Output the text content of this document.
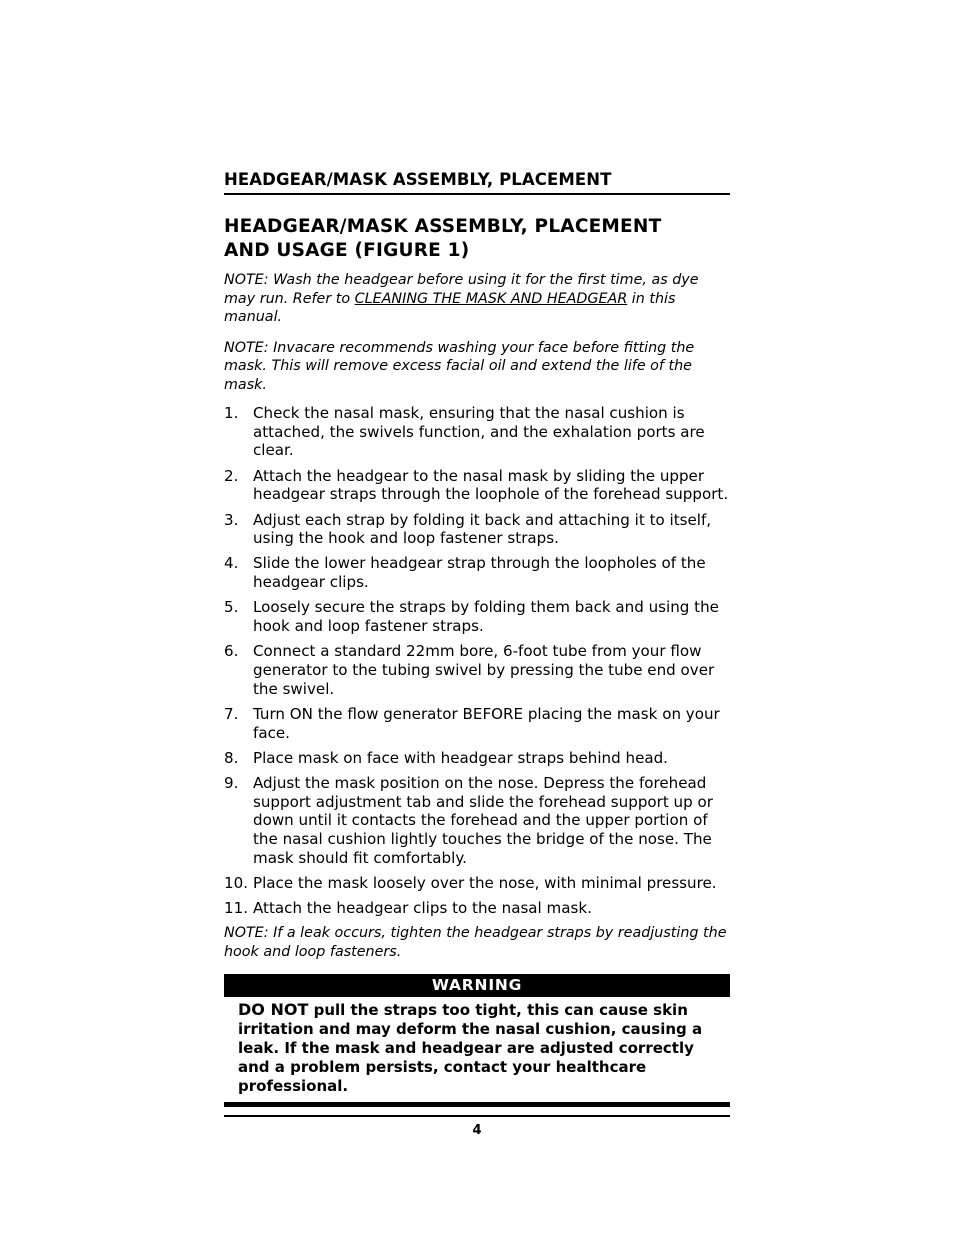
HEADGEAR/MASK ASSEMBLY, PLACEMENT
HEADGEAR/MASK ASSEMBLY, PLACEMENT
AND USAGE (FIGURE 1)

NOTE: Wash the headgear before using it for the first time, as dye may run. Refer to CLEANING THE MASK AND HEADGEAR in this manual.

NOTE: Invacare recommends washing your face before fitting the mask. This will remove excess facial oil and extend the life of the mask.

1. Check the nasal mask, ensuring that the nasal cushion is attached, the swivels function, and the exhalation ports are clear.
2. Attach the headgear to the nasal mask by sliding the upper headgear straps through the loophole of the forehead support.
3. Adjust each strap by folding it back and attaching it to itself, using the hook and loop fastener straps.
4. Slide the lower headgear strap through the loopholes of the headgear clips.
5. Loosely secure the straps by folding them back and using the hook and loop fastener straps.
6. Connect a standard 22mm bore, 6-foot tube from your flow generator to the tubing swivel by pressing the tube end over the swivel.
7. Turn ON the flow generator BEFORE placing the mask on your face.
8. Place mask on face with headgear straps behind head.
9. Adjust the mask position on the nose. Depress the forehead support adjustment tab and slide the forehead support up or down until it contacts the forehead and the upper portion of the nasal cushion lightly touches the bridge of the nose. The mask should fit comfortably.
10. Place the mask loosely over the nose, with minimal pressure.
11. Attach the headgear clips to the nasal mask.

NOTE: If a leak occurs, tighten the headgear straps by readjusting the hook and loop fasteners.

WARNING

DO NOT pull the straps too tight, this can cause skin irritation and may deform the nasal cushion, causing a leak. If the mask and headgear are adjusted correctly and a problem persists, contact your healthcare professional.

4
